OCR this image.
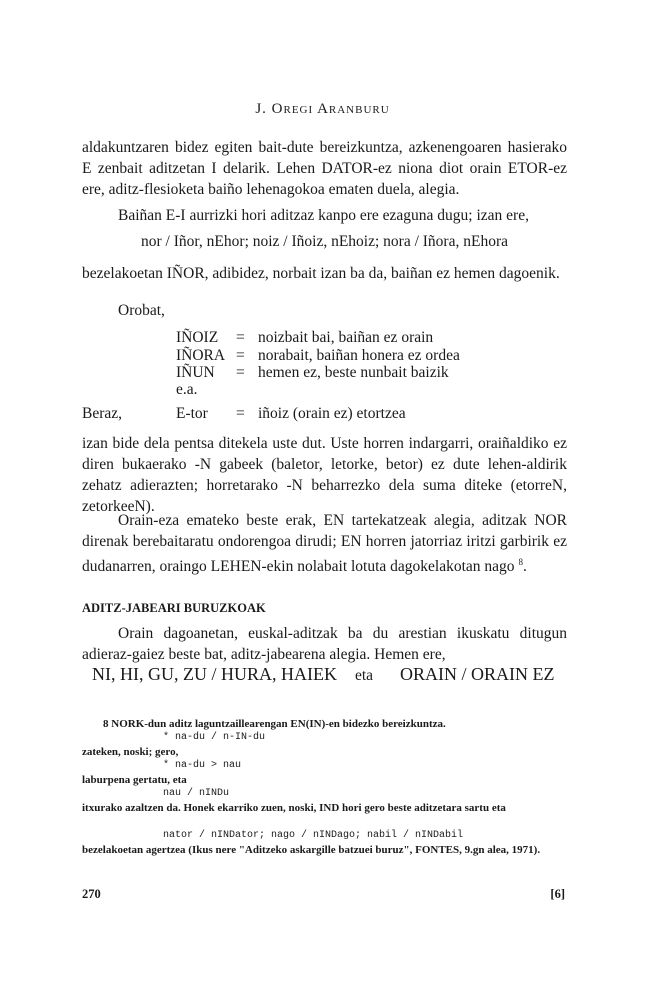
J. Oregi Aranburu
aldakuntzaren bidez egiten bait-dute bereizkuntza, azkenengoaren hasierako E zenbait aditzetan I delarik. Lehen DATOR-ez niona diot orain ETOR-ez ere, aditz-flesioketa baiño lehenagokoa ematen duela, alegia.
Baiñan E-I aurrizki hori aditzaz kanpo ere ezaguna dugu; izan ere,
nor / Iñor, nEhor; noiz / Iñoiz, nEhoiz; nora / Iñora, nEhora
bezelakoetan IÑOR, adibidez, norbait izan ba da, baiñan ez hemen dagoenik.
Orobat,
IÑOIZ = noizbait bai, baiñan ez orain
IÑORA = norabait, baiñan honera ez ordea
IÑUN = hemen ez, beste nunbait baizik
e.a.
Beraz,	E-tor = iñoiz (orain ez) etortzea
izan bide dela pentsa ditekela uste dut. Uste horren indargarri, oraiñaldiko ez diren bukaerako -N gabeek (baletor, letorke, betor) ez dute lehen-aldirik zehatz adierazten; horretarako -N beharrezko dela suma diteke (etorreN, zetorkeeN).
Orain-eza emateko beste erak, EN tartekatzeak alegia, aditzak NOR direnak berebaitaratu ondorengoa dirudi; EN horren jatorriaz iritzi garbirik ez dudanarren, oraingo LEHEN-ekin nolabait lotuta dagokelakotan nago $^8$.
ADITZ-JABEARI BURUZKOAK
Orain dagoanetan, euskal-aditzak ba du arestian ikuskatu ditugun adieraz-gaiez beste bat, aditz-jabearena alegia. Hemen ere,
NI, HI, GU, ZU / HURA, HAIEK eta ORAIN / ORAIN EZ
8 NORK-dun aditz laguntzaillearengan EN(IN)-en bidezko bereizkuntza.
* na-du / n-IN-du
zateken, noski; gero,
* na-du > nau
laburpena gertatu, eta
nau / nINDu
itxurako azaltzen da. Honek ekarriko zuen, noski, IND hori gero beste aditzetara sartu eta
nator / nINDator; nago / nINDago; nabil / nINDabil
bezelakoetan agertzea (Ikus nere "Aditzeko askargille batzuei buruz", FONTES, 9.gn alea, 1971).
270	[6]
